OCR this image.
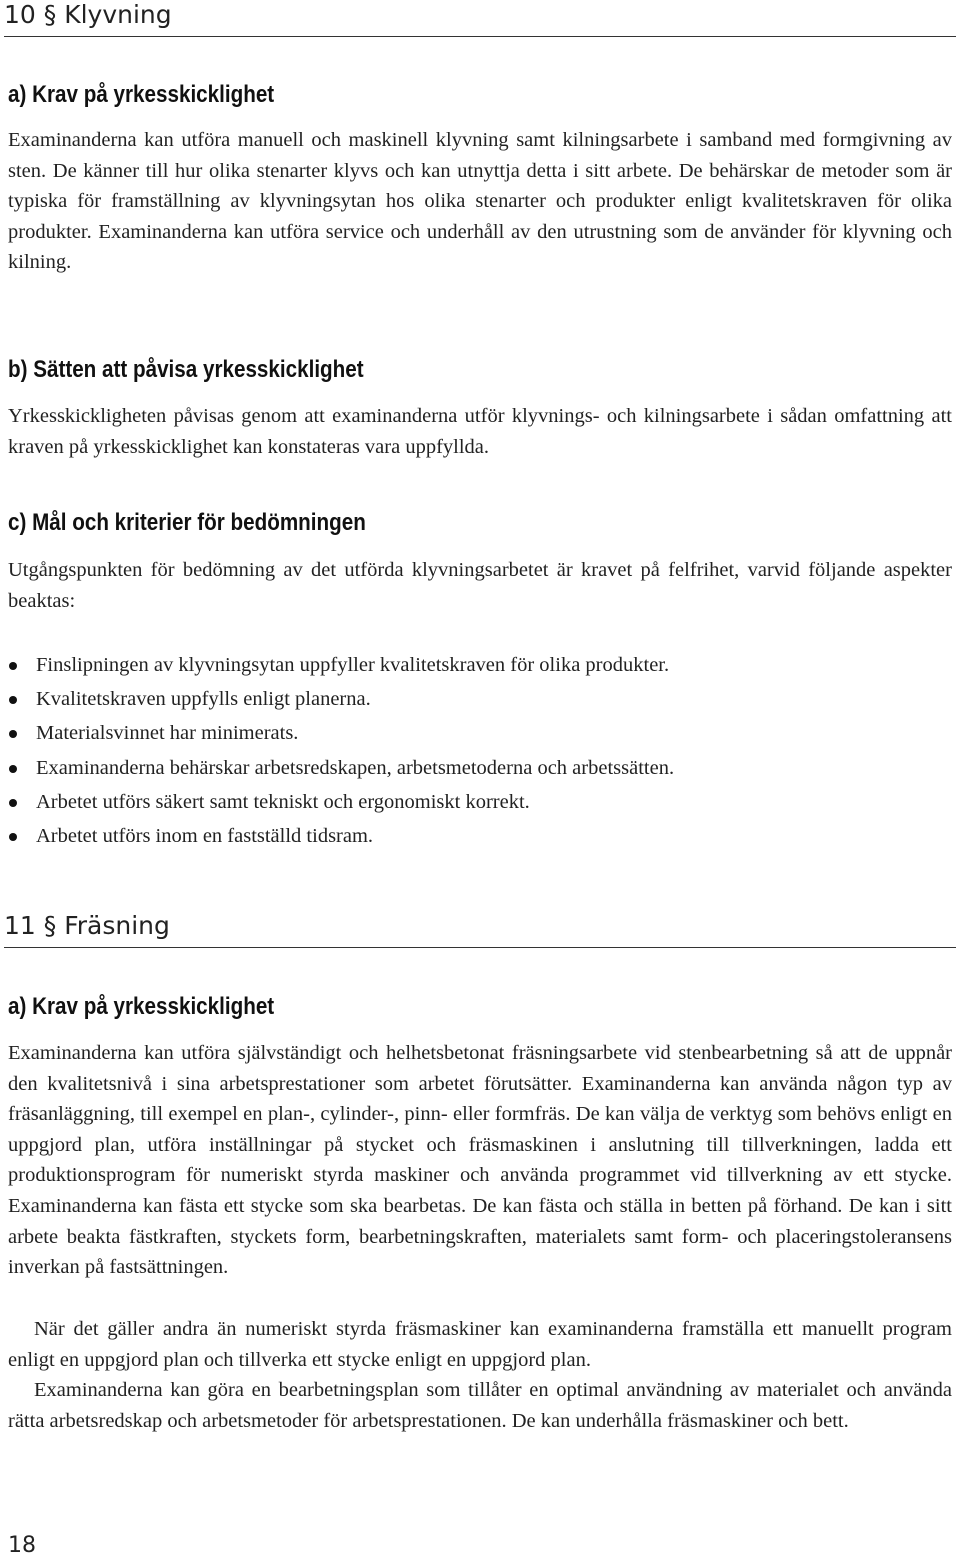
10 § Klyvning
a) Krav på yrkesskicklighet

Examinanderna kan utföra manuell och maskinell klyvning samt kilningsarbete i samband med formgivning av sten. De känner till hur olika stenarter klyvs och kan utnyttja detta i sitt arbete. De behärskar de metoder som är typiska för framställning av klyvningsytan hos olika stenarter och produkter enligt kvalitetskraven för olika produkter. Examinanderna kan utföra service och underhåll av den utrustning som de använder för klyvning och kilning.

b) Sätten att påvisa yrkesskicklighet

Yrkesskickligheten påvisas genom att examinanderna utför klyvnings- och kilningsarbete i sådan omfattning att kraven på yrkesskicklighet kan konstateras vara uppfyllda.

c) Mål och kriterier för bedömningen

Utgångspunkten för bedömning av det utförda klyvningsarbetet är kravet på felfrihet, varvid följande aspekter beaktas:

Finslipningen av klyvningsytan uppfyller kvalitetskraven för olika produkter.
Kvalitetskraven uppfylls enligt planerna.
Materialsvinnet har minimerats.
Examinanderna behärskar arbetsredskapen, arbetsmetoderna och arbetssätten.
Arbetet utförs säkert samt tekniskt och ergonomiskt korrekt.
Arbetet utförs inom en fastställd tidsram.
11 § Fräsning
a) Krav på yrkesskicklighet

Examinanderna kan utföra självständigt och helhetsbetonat fräsningsarbete vid stenbearbetning så att de uppnår den kvalitetsnivå i sina arbetsprestationer som arbetet förutsätter. Examinanderna kan använda någon typ av fräsanläggning, till exempel en plan-, cylinder-, pinn- eller formfräs. De kan välja de verktyg som behövs enligt en uppgjord plan, utföra inställningar på stycket och fräsmaskinen i anslutning till tillverkningen, ladda ett produktionsprogram för numeriskt styrda maskiner och använda programmet vid tillverkning av ett stycke. Examinanderna kan fästa ett stycke som ska bearbetas. De kan fästa och ställa in betten på förhand. De kan i sitt arbete beakta fästkraften, styckets form, bearbetningskraften, materialets samt form- och placeringstoleransens inverkan på fastsättningen.

När det gäller andra än numeriskt styrda fräsmaskiner kan examinanderna framställa ett manuellt program enligt en uppgjord plan och tillverka ett stycke enligt en uppgjord plan.

Examinanderna kan göra en bearbetningsplan som tillåter en optimal användning av materialet och använda rätta arbetsredskap och arbetsmetoder för arbetsprestationen. De kan underhålla fräsmaskiner och bett.

18
